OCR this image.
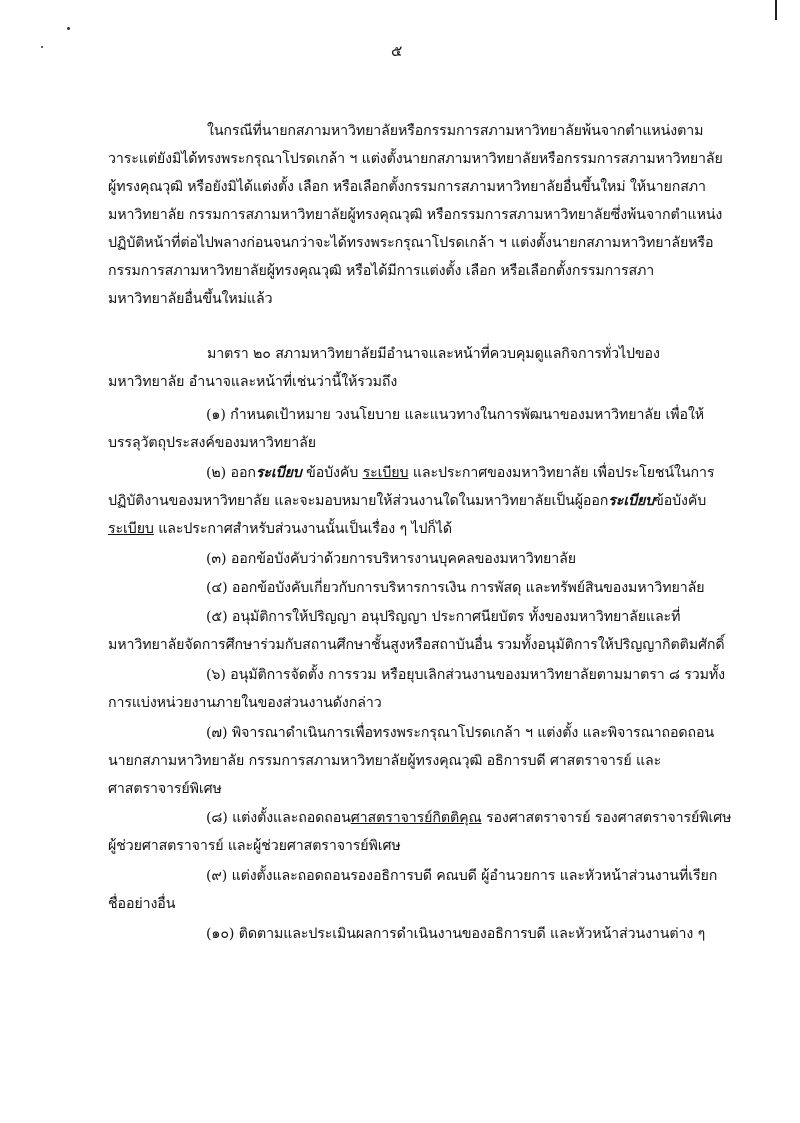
๕
ในกรณีที่นายกสภามหาวิทยาลัยหรือกรรมการสภามหาวิทยาลัยพ้นจากตำแหน่งตาม
วาระแต่ยังมิได้ทรงพระกรุณาโปรดเกล้า ฯ แต่งตั้งนายกสภามหาวิทยาลัยหรือกรรมการสภามหาวิทยาลัย
ผู้ทรงคุณวุฒิ หรือยังมิได้แต่งตั้ง เลือก หรือเลือกตั้งกรรมการสภามหาวิทยาลัยอื่นขึ้นใหม่ ให้นายกสภา
มหาวิทยาลัย กรรมการสภามหาวิทยาลัยผู้ทรงคุณวุฒิ หรือกรรมการสภามหาวิทยาลัยซึ่งพ้นจากตำแหน่ง
ปฏิบัติหน้าที่ต่อไปพลางก่อนจนกว่าจะได้ทรงพระกรุณาโปรดเกล้า ฯ แต่งตั้งนายกสภามหาวิทยาลัยหรือ
กรรมการสภามหาวิทยาลัยผู้ทรงคุณวุฒิ หรือได้มีการแต่งตั้ง เลือก หรือเลือกตั้งกรรมการสภา
มหาวิทยาลัยอื่นขึ้นใหม่แล้ว
มาตรา ๒๐ สภามหาวิทยาลัยมีอำนาจและหน้าที่ควบคุมดูแลกิจการทั่วไปของ
มหาวิทยาลัย อำนาจและหน้าที่เช่นว่านี้ให้รวมถึง
(๑) กำหนดเป้าหมาย วงนโยบาย และแนวทางในการพัฒนาของมหาวิทยาลัย เพื่อให้
บรรลุวัตถุประสงค์ของมหาวิทยาลัย
(๒) ออกระเบียบ ข้อบังคับ ระเบียบ และประกาศของมหาวิทยาลัย เพื่อประโยชน์ในการ
ปฏิบัติงานของมหาวิทยาลัย และจะมอบหมายให้ส่วนงานใดในมหาวิทยาลัยเป็นผู้ออกระเบียบข้อบังคับ
ระเบียบ และประกาศสำหรับส่วนงานนั้นเป็นเรื่อง ๆ ไปก็ได้
(๓) ออกข้อบังคับว่าด้วยการบริหารงานบุคคลของมหาวิทยาลัย
(๔) ออกข้อบังคับเกี่ยวกับการบริหารการเงิน การพัสดุ และทรัพย์สินของมหาวิทยาลัย
(๕) อนุมัติการให้ปริญญา อนุปริญญา ประกาศนียบัตร ทั้งของมหาวิทยาลัยและที่
มหาวิทยาลัยจัดการศึกษาร่วมกับสถานศึกษาชั้นสูงหรือสถาบันอื่น รวมทั้งอนุมัติการให้ปริญญากิตติมศักดิ์
(๖) อนุมัติการจัดตั้ง การรวม หรือยุบเลิกส่วนงานของมหาวิทยาลัยตามมาตรา ๘ รวมทั้ง
การแบ่งหน่วยงานภายในของส่วนงานดังกล่าว
(๗) พิจารณาดำเนินการเพื่อทรงพระกรุณาโปรดเกล้า ฯ แต่งตั้ง และพิจารณาถอดถอน
นายกสภามหาวิทยาลัย กรรมการสภามหาวิทยาลัยผู้ทรงคุณวุฒิ อธิการบดี ศาสตราจารย์ และ
ศาสตราจารย์พิเศษ
(๘) แต่งตั้งและถอดถอนศาสตราจารย์กิตติคุณ รองศาสตราจารย์ รองศาสตราจารย์พิเศษ
ผู้ช่วยศาสตราจารย์ และผู้ช่วยศาสตราจารย์พิเศษ
(๙) แต่งตั้งและถอดถอนรองอธิการบดี คณบดี ผู้อำนวยการ และหัวหน้าส่วนงานที่เรียก
ชื่ออย่างอื่น
(๑๐) ติดตามและประเมินผลการดำเนินงานของอธิการบดี และหัวหน้าส่วนงานต่าง ๆ
